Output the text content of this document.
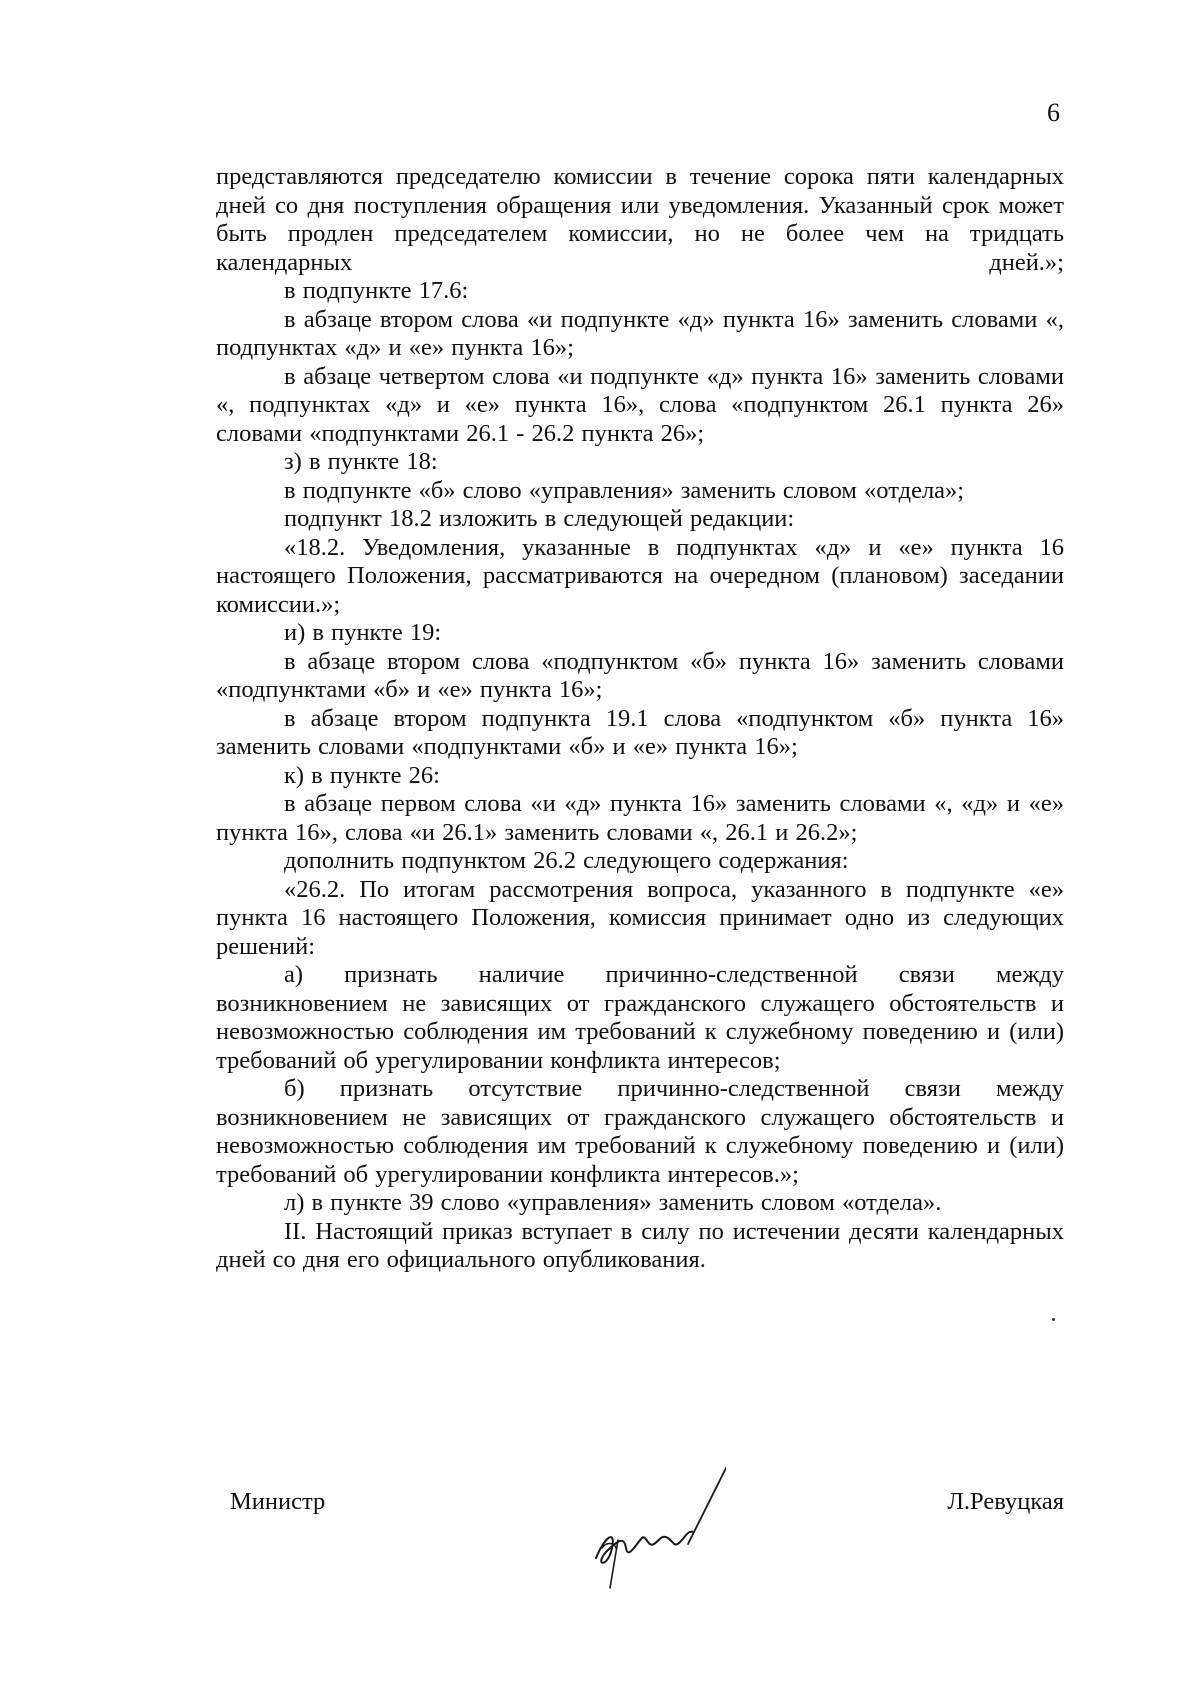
6

представляются председателю комиссии в течение сорока пяти календарных дней со дня поступления обращения или уведомления. Указанный срок может быть продлен председателем комиссии, но не более чем на тридцать календарных дней.»;

в подпункте 17.6:

в абзаце втором слова «и подпункте «д» пункта 16» заменить словами «, подпунктах «д» и «е» пункта 16»;

в абзаце четвертом слова «и подпункте «д» пункта 16» заменить словами «, подпунктах «д» и «е» пункта 16», слова «подпунктом 26.1 пункта 26» словами «подпунктами 26.1 - 26.2 пункта 26»;

з) в пункте 18:

в подпункте «б» слово «управления» заменить словом «отдела»;

подпункт 18.2 изложить в следующей редакции:

«18.2. Уведомления, указанные в подпунктах «д» и «е» пункта 16 настоящего Положения, рассматриваются на очередном (плановом) заседании комиссии.»;

и) в пункте 19:

в абзаце втором слова «подпунктом «б» пункта 16» заменить словами «подпунктами «б» и «е» пункта 16»;

в абзаце втором подпункта 19.1 слова «подпунктом «б» пункта 16» заменить словами «подпунктами «б» и «е» пункта 16»;

к) в пункте 26:

в абзаце первом слова «и «д» пункта 16» заменить словами «, «д» и «е» пункта 16», слова «и 26.1» заменить словами «, 26.1 и 26.2»;

дополнить подпунктом 26.2 следующего содержания:

«26.2. По итогам рассмотрения вопроса, указанного в подпункте «е» пункта 16 настоящего Положения, комиссия принимает одно из следующих решений:

а) признать наличие причинно-следственной связи между возникновением не зависящих от гражданского служащего обстоятельств и невозможностью соблюдения им требований к служебному поведению и (или) требований об урегулировании конфликта интересов;

б) признать отсутствие причинно-следственной связи между возникновением не зависящих от гражданского служащего обстоятельств и невозможностью соблюдения им требований к служебному поведению и (или) требований об урегулировании конфликта интересов.»;

л) в пункте 39 слово «управления» заменить словом «отдела».

II. Настоящий приказ вступает в силу по истечении десяти календарных дней со дня его официального опубликования.

Министр	Л.Ревуцкая
